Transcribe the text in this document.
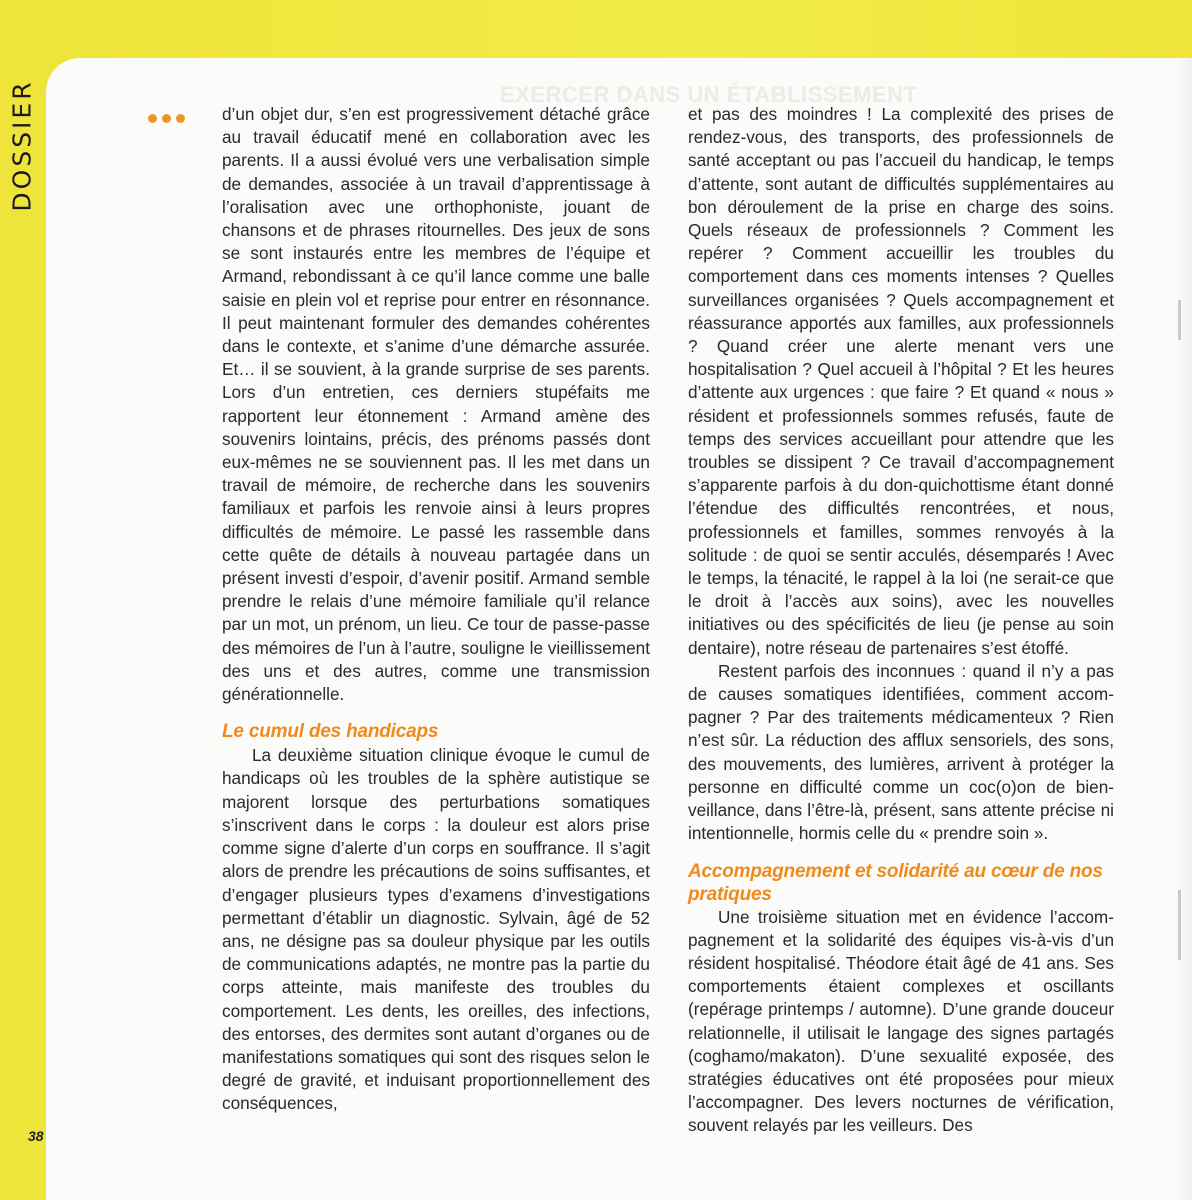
EXERCER DANS UN ÉTABLISSEMENT
DOSSIER
38

d’un objet dur, s’en est progressivement détaché grâce au travail éducatif mené en collaboration avec les parents. Il a aussi évolué vers une verbalisation simple de demandes, associée à un travail d’apprentissage à l’oralisation avec une orthophoniste, jouant de chansons et de phrases ritournelles. Des jeux de sons se sont instaurés entre les membres de l’équipe et Armand, rebondissant à ce qu’il lance comme une balle saisie en plein vol et reprise pour entrer en résonnance. Il peut maintenant formuler des demandes cohérentes dans le contexte, et s’anime d’une démarche assurée. Et… il se souvient, à la grande surprise de ses parents. Lors d’un entretien, ces derniers stupéfaits me rapportent leur étonnement : Armand amène des souvenirs lointains, précis, des prénoms passés dont eux-mêmes ne se souviennent pas. Il les met dans un travail de mémoire, de recherche dans les souvenirs familiaux et parfois les renvoie ainsi à leurs propres difficultés de mémoire. Le passé les rassemble dans cette quête de détails à nouveau partagée dans un présent investi d’espoir, d’avenir positif. Armand semble prendre le relais d’une mémoire familiale qu’il relance par un mot, un prénom, un lieu. Ce tour de passe-passe des mémoires de l’un à l’autre, souligne le vieillissement des uns et des autres, comme une transmission générationnelle.

Le cumul des handicaps

La deuxième situation clinique évoque le cumul de handicaps où les troubles de la sphère autistique se majorent lorsque des perturbations somatiques s’inscrivent dans le corps : la douleur est alors prise comme signe d’alerte d’un corps en souffrance. Il s’agit alors de prendre les précautions de soins suffisantes, et d’engager plusieurs types d’examens d’investigations permettant d’établir un diagnostic. Sylvain, âgé de 52 ans, ne désigne pas sa douleur physique par les outils de communications adaptés, ne montre pas la partie du corps atteinte, mais manifeste des troubles du comportement. Les dents, les oreilles, des infections, des entorses, des dermites sont autant d’organes ou de manifestations somatiques qui sont des risques selon le degré de gravité, et induisant proportionnellement des conséquences,

et pas des moindres ! La complexité des prises de rendez-vous, des transports, des professionnels de santé acceptant ou pas l’accueil du handicap, le temps d’attente, sont autant de difficultés supplémentaires au bon déroulement de la prise en charge des soins. Quels réseaux de professionnels ? Comment les repérer ? Comment accueillir les troubles du comportement dans ces moments intenses ? Quelles surveillances organisées ? Quels accompagnement et réassurance apportés aux familles, aux professionnels ? Quand créer une alerte menant vers une hospitalisation ? Quel accueil à l’hôpital ? Et les heures d’attente aux urgences : que faire ? Et quand « nous » résident et professionnels sommes refusés, faute de temps des services accueillant pour attendre que les troubles se dissipent ? Ce travail d’accompagnement s’apparente parfois à du don-quichottisme étant donné l’étendue des difficultés rencontrées, et nous, professionnels et familles, sommes renvoyés à la solitude : de quoi se sentir acculés, désemparés ! Avec le temps, la ténacité, le rappel à la loi (ne serait-ce que le droit à l’accès aux soins), avec les nouvelles initiatives ou des spécificités de lieu (je pense au soin dentaire), notre réseau de partenaires s’est étoffé.

Restent parfois des inconnues : quand il n’y a pas de causes somatiques identifiées, comment accompagner ? Par des traitements médicamenteux ? Rien n’est sûr. La réduction des afflux sensoriels, des sons, des mouvements, des lumières, arrivent à protéger la personne en difficulté comme un coc(o)on de bienveillance, dans l’être-là, présent, sans attente précise ni intentionnelle, hormis celle du « prendre soin ».

Accompagnement et solidarité au cœur de nos pratiques

Une troisième situation met en évidence l’accompagnement et la solidarité des équipes vis-à-vis d’un résident hospitalisé. Théodore était âgé de 41 ans. Ses comportements étaient complexes et oscillants (repérage printemps / automne). D’une grande douceur relationnelle, il utilisait le langage des signes partagés (coghamo/makaton). D’une sexualité exposée, des stratégies éducatives ont été proposées pour mieux l’accompagner. Des levers nocturnes de vérification, souvent relayés par les veilleurs. Des
